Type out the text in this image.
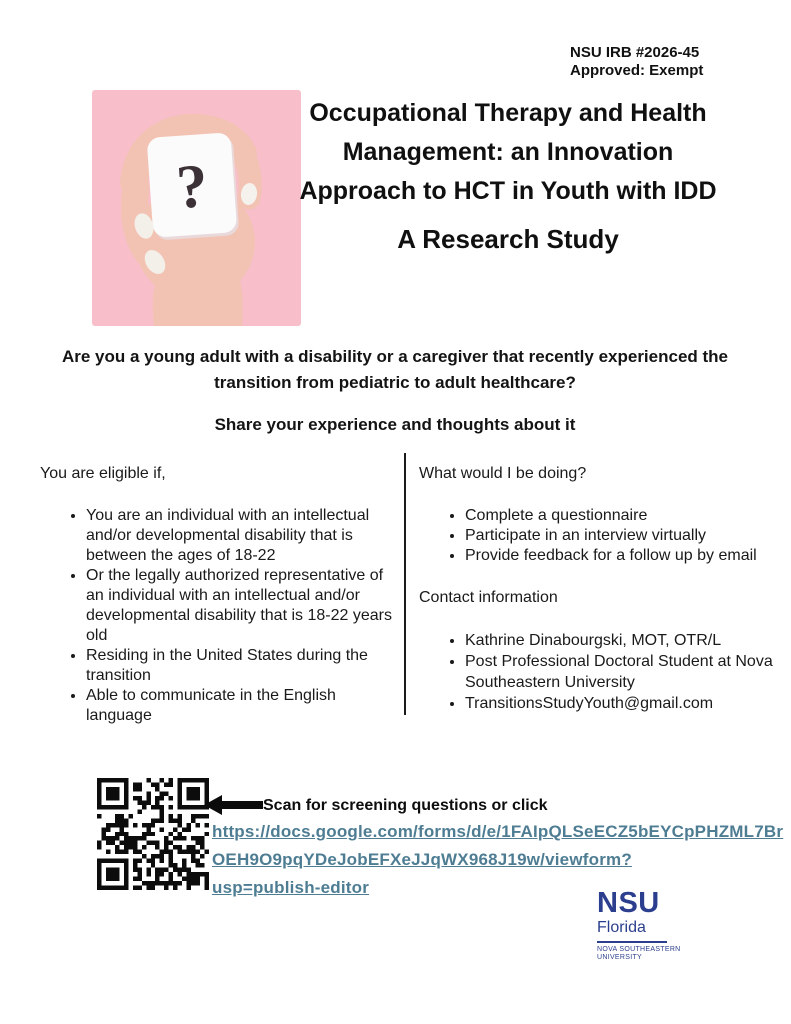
NSU IRB #2026-45
Approved: Exempt
?
Occupational Therapy and Health
Management: an Innovation
Approach to HCT in Youth with IDD
A Research Study
Are you a young adult with a disability or a caregiver that recently experienced the
transition from pediatric to adult healthcare?
Share your experience and thoughts about it
You are eligible if,
• You are an individual with an intellectual and/or developmental disability that is between the ages of 18-22
• Or the legally authorized representative of an individual with an intellectual and/or developmental disability that is 18-22 years old
• Residing in the United States during the transition
• Able to communicate in the English language
What would I be doing?
• Complete a questionnaire
• Participate in an interview virtually
• Provide feedback for a follow up by email
Contact information
• Kathrine Dinabourgski, MOT, OTR/L
• Post Professional Doctoral Student at Nova Southeastern University
• TransitionsStudyYouth@gmail.com
Scan for screening questions or click
https://docs.google.com/forms/d/e/1FAIpQLSeECZ5bEYCpPHZML7Br
OEH9O9pqYDeJobEFXeJJqWX968J19w/viewform?usp=publish-editor	NSU
Florida
NOVA SOUTHEASTERN
UNIVERSITY
